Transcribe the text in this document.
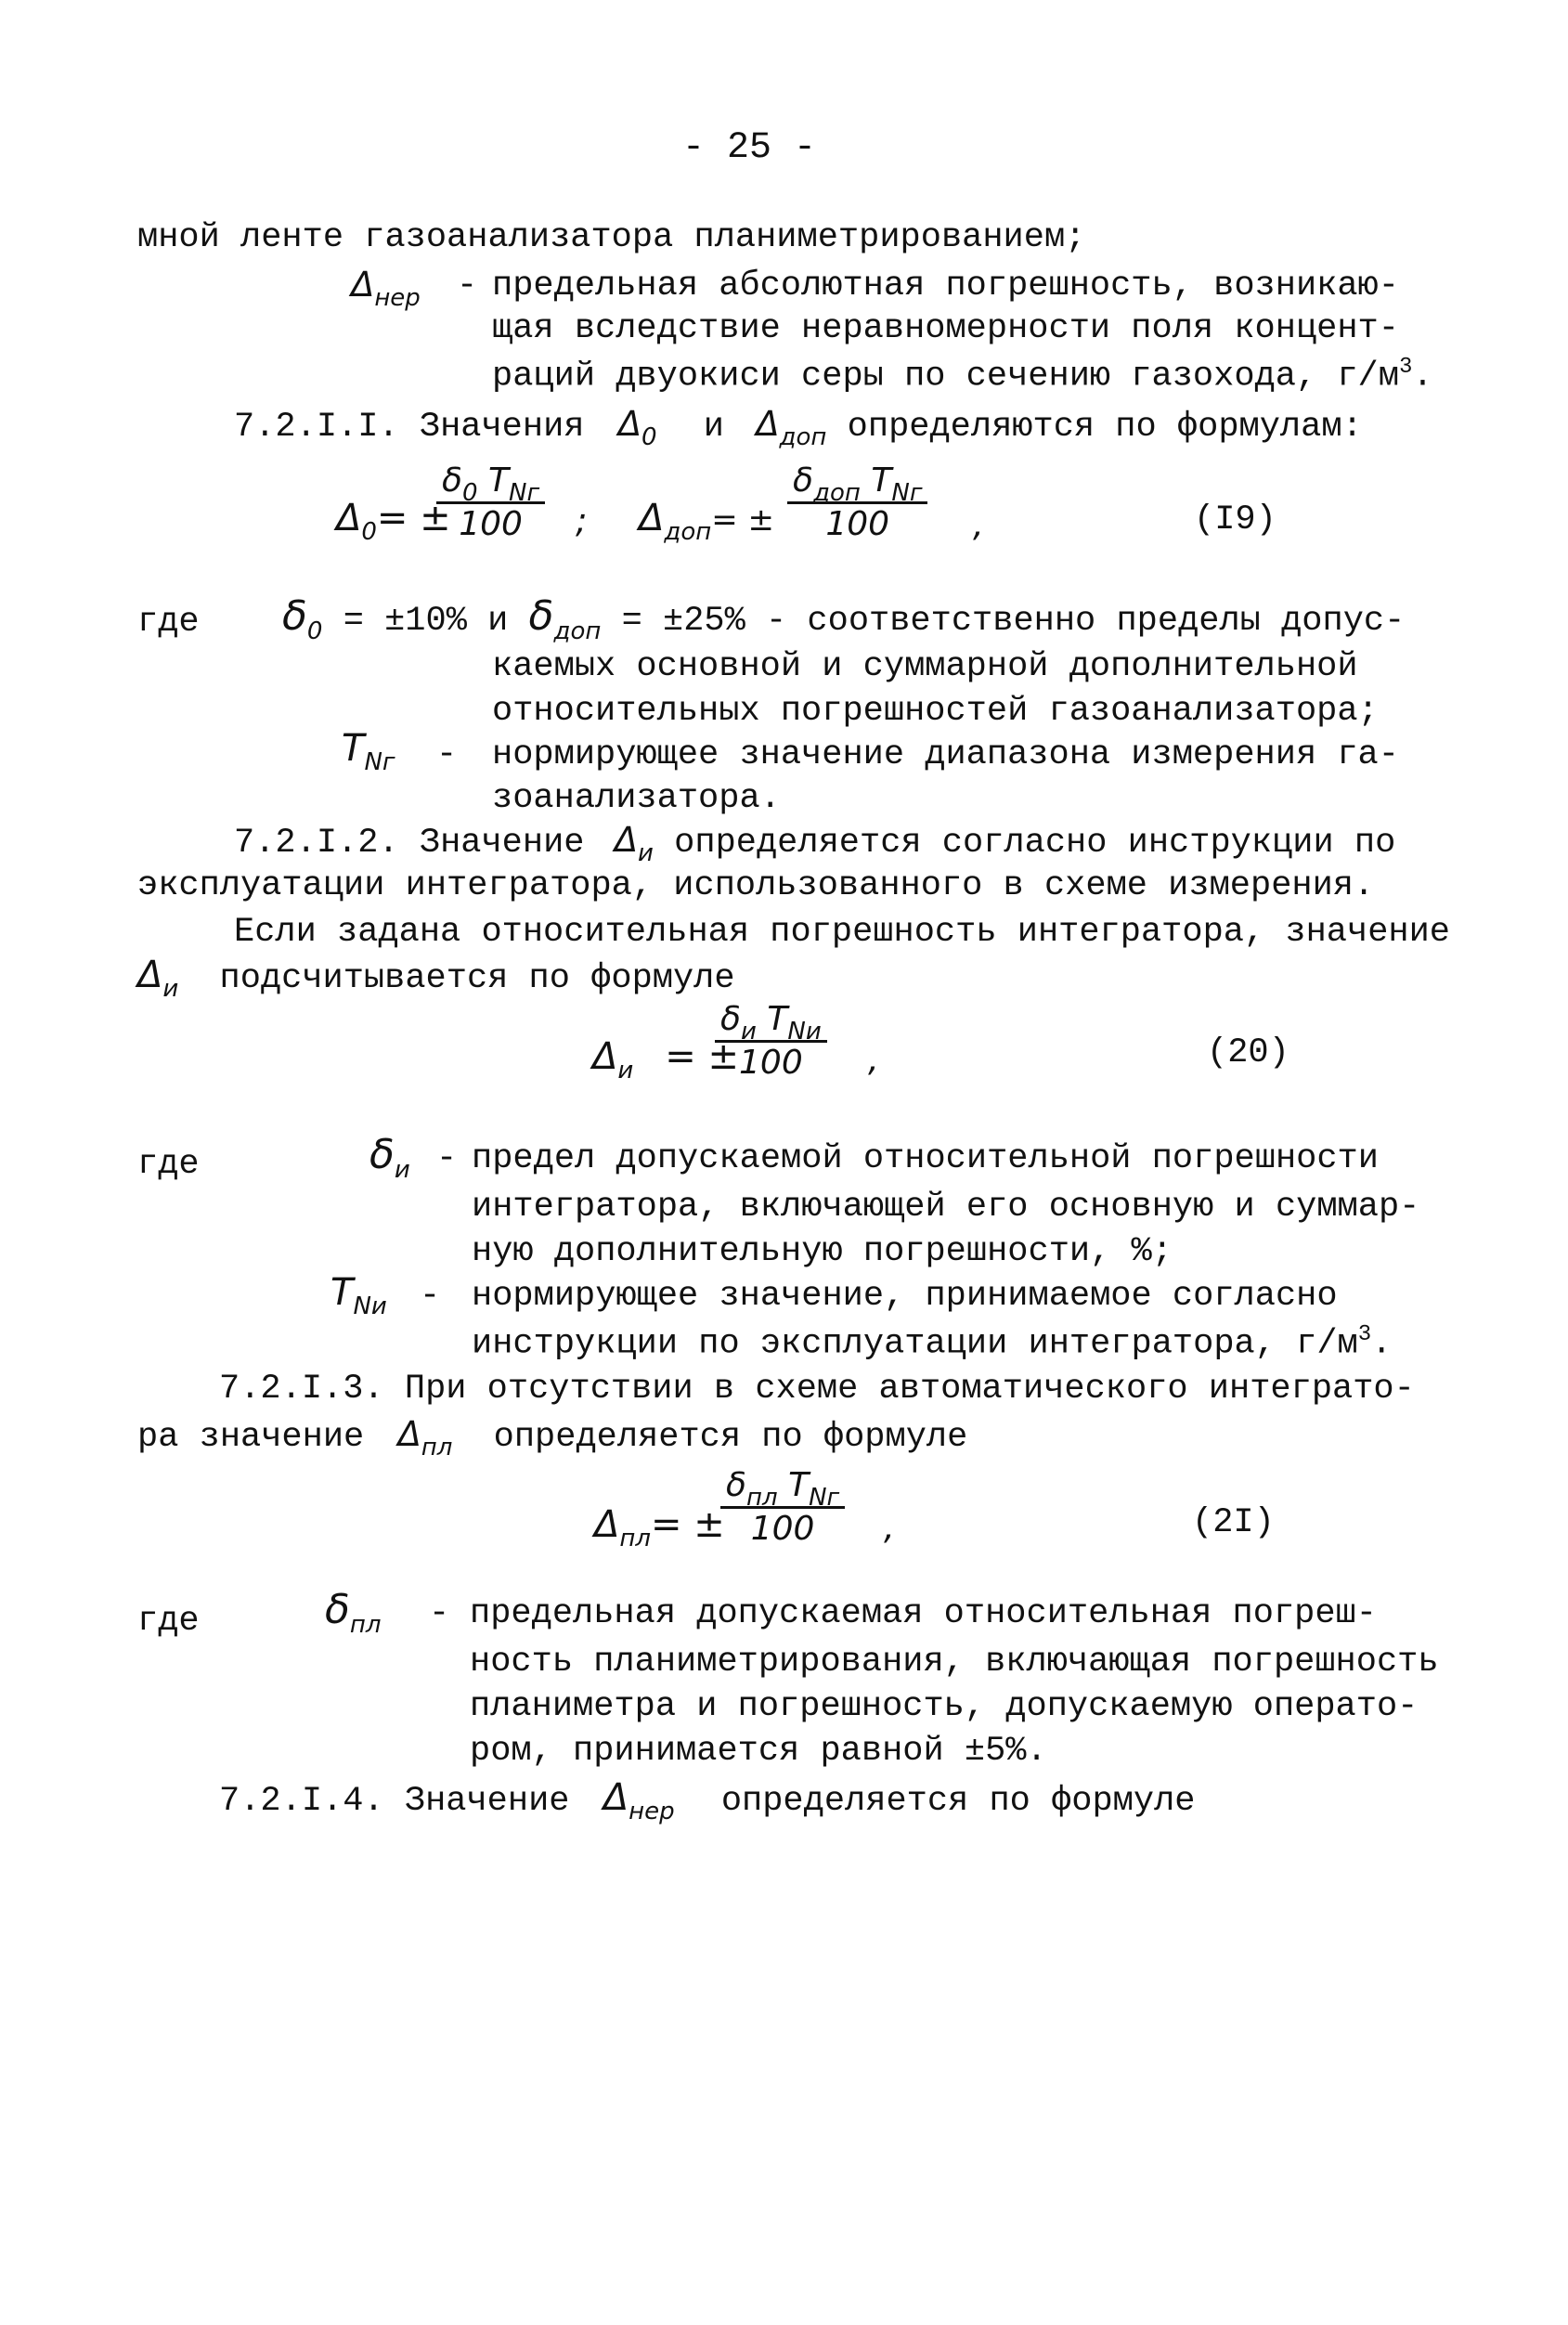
- 25 -
мной ленте газоанализатора планиметрированием;
$\Delta_{нер}$ - предельная абсолютная погрешность, возникаю-
щая вследствие неравномерности поля концент-
раций двуокиси серы по сечению газохода, $г/м^3$.
7.2.I.I. Значения $\Delta_0$ и $\Delta_{доп}$ определяются по формулам:
$\Delta_0=$ ±
$\delta_0$ $T_{Nг}$
100	; $\Delta_{доп}=$ ±
$\delta_{доп}$ $T_{Nг}$
100	,	(I9)
где $\delta_0 = \pm 10\%$ и $\delta_{доп} = \pm 25\%$ - соответственно пределы допус-
каемых основной и суммарной дополнительной
относительных погрешностей газоанализатора;
$T_{Nг}$ - нормирующее значение диапазона измерения га-
зоанализатора.
7.2.I.2. Значение $\Delta_и$ определяется согласно инструкции по
эксплуатации интегратора, использованного в схеме измерения.
Если задана относительная погрешность интегратора, значение
$\Delta_и$ подсчитывается по формуле
$\Delta_и$ = ±
$\delta_и$ $T_{Nи}$
100	,	(20)
где	$\delta_и$ - предел допускаемой относительной погрешности
интегратора, включающей его основную и суммар-
ную дополнительную погрешности, %;
$T_{Nи}$ - нормирующее значение, принимаемое согласно
инструкции по эксплуатации интегратора, $г/м^3$.
7.2.I.3. При отсутствии в схеме автоматического интеграто-
ра значение $\Delta_{пл}$ определяется по формуле
$\Delta_{пл}=$ ±
$\delta_{пл}$ $T_{Nг}$
100	,	(2I)
где	$\delta_{пл}$ - предельная допускаемая относительная погреш-
ность планиметрирования, включающая погрешность
планиметра и погрешность, допускаемую операто-
ром, принимается равной ±5%.
7.2.I.4. Значение $\Delta_{нер}$ определяется по формуле
